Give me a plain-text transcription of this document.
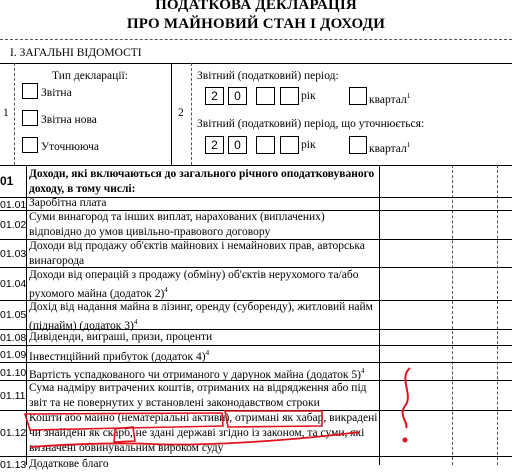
ПОДАТКОВА ДЕКЛАРАЦІЯ
ПРО МАЙНОВИЙ СТАН І ДОХОДИ
І. ЗАГАЛЬНІ ВІДОМОСТІ
1	2
Тип декларації:
Звітна
Звітна нова
Уточнююча
Звітний (податковий) період:
2	0	рік	квартал$^1$
Звітний (податковий) період, що уточнюється:
2	0	рік	квартал$^1$
01	Доходи, які включаються до загального річного оподатковуваного доходу, в тому числі:
01.01 Заробітна плата
01.02
Суми винагород та інших виплат, нарахованих (виплачених) відповідно до умов цивільно-правового договору
01.03
Доходи від продажу об'єктів майнових і немайнових прав, авторська винагорода
01.04
Доходи від операцій з продажу (обміну) об'єктів нерухомого та/або рухомого майна (додаток 2)$^4$
01.05
Дохід від надання майна в лізинг, оренду (суборенду), житловий найм (піднайм) (додаток 3)$^4$
01.08 Дивіденди, виграші, призи, проценти
01.09 Інвестиційний прибуток (додаток 4)$^4$
01.10 Вартість успадкованого чи отриманого у дарунок майна (додаток 5)$^4$
01.11
Сума надміру витрачених коштів, отриманих на відрядження або під звіт та не повернутих у встановлені законодавством строки
01.12
Кошти або майно (нематеріальні активи), отримані як хабар, викрадені чи знайдені як скарб, не здані державі згідно із законом, та суми, які визначені обвинувальним вироком суду
01.13 Додаткове благо
